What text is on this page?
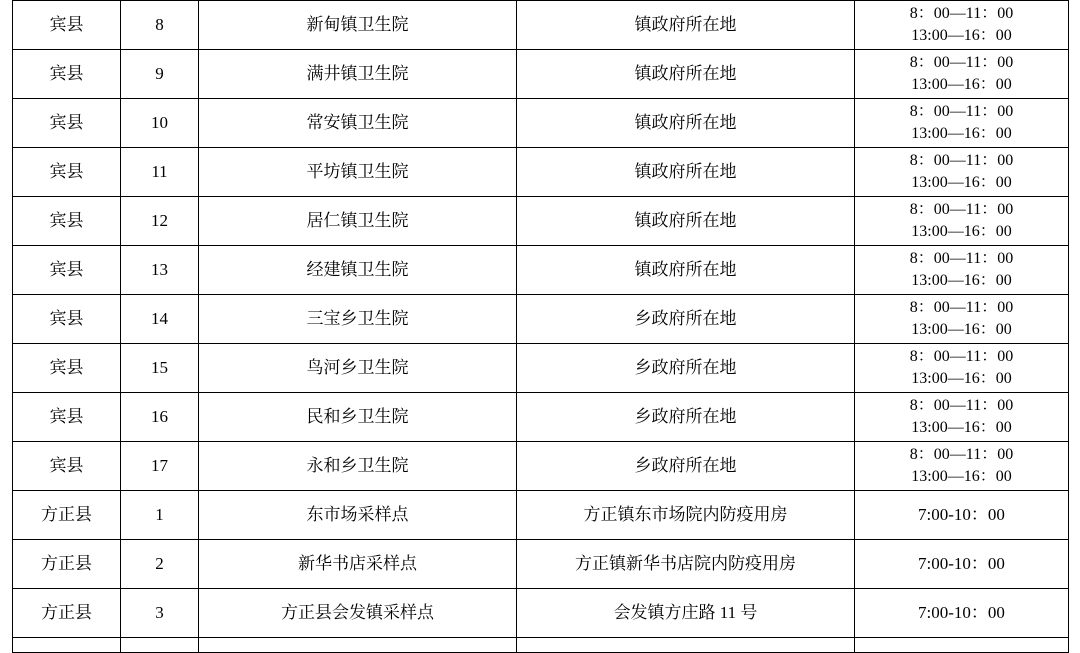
宾县	8	新甸镇卫生院	镇政府所在地	8：00—11：00
13:00—16：00

宾县	9	满井镇卫生院	镇政府所在地	8：00—11：00
13:00—16：00

宾县	10	常安镇卫生院	镇政府所在地	8：00—11：00
13:00—16：00

宾县	11	平坊镇卫生院	镇政府所在地	8：00—11：00
13:00—16：00

宾县	12	居仁镇卫生院	镇政府所在地	8：00—11：00
13:00—16：00

宾县	13	经建镇卫生院	镇政府所在地	8：00—11：00
13:00—16：00

宾县	14	三宝乡卫生院	乡政府所在地	8：00—11：00
13:00—16：00

宾县	15	鸟河乡卫生院	乡政府所在地	8：00—11：00
13:00—16：00

宾县	16	民和乡卫生院	乡政府所在地	8：00—11：00
13:00—16：00

宾县	17	永和乡卫生院	乡政府所在地	8：00—11：00
13:00—16：00

方正县	1	东市场采样点	方正镇东市场院内防疫用房	7:00-10：00

方正县	2	新华书店采样点	方正镇新华书店院内防疫用房	7:00-10：00

方正县	3	方正县会发镇采样点	会发镇方庄路 11 号	7:00-10：00
